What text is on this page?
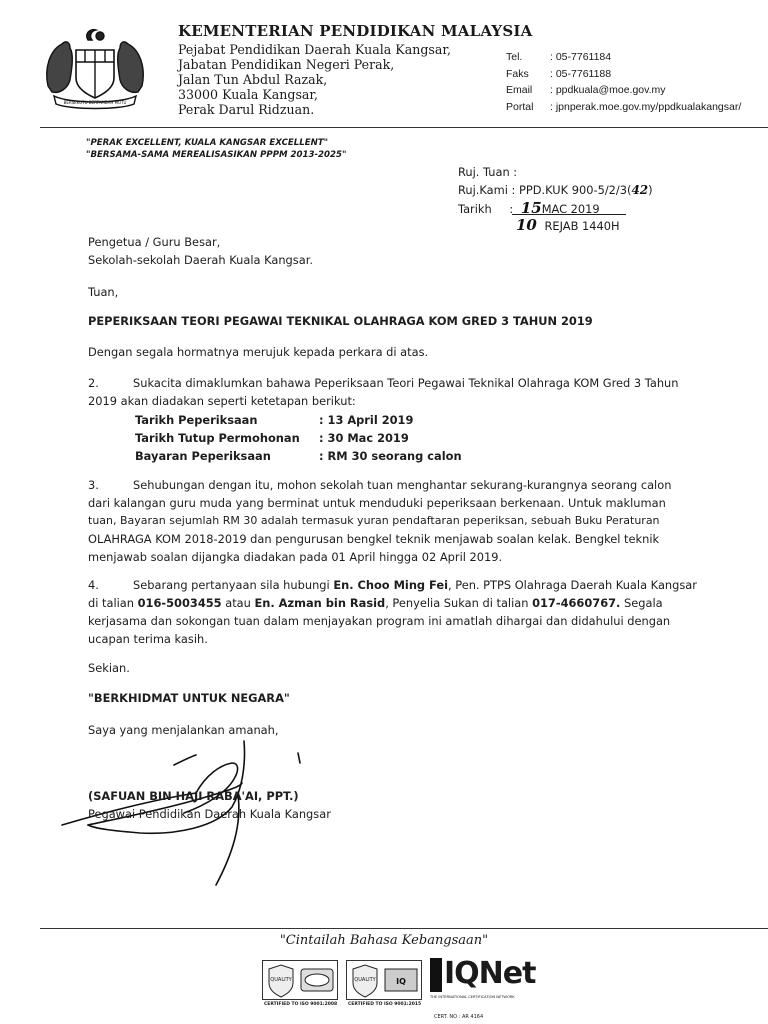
BERSEKUTU BERTAMBAH MUTU
KEMENTERIAN PENDIDIKAN MALAYSIA
Pejabat Pendidikan Daerah Kuala Kangsar,
Jabatan Pendidikan Negeri Perak,
Jalan Tun Abdul Razak,
33000 Kuala Kangsar,
Perak Darul Ridzuan.
Tel.	: 05-7761184
Faks : 05-7761188
Email : ppdkuala@moe.gov.my
Portal : jpnperak.moe.gov.my/ppdkualakangsar/
"PERAK EXCELLENT, KUALA KANGSAR EXCELLENT"
"BERSAMA-SAMA MEREALISASIKAN PPPM 2013-2025"
Ruj. Tuan :
Ruj.Kami : PPD.KUK 900-5/2/3(42)
Tarikh : 15MAC 2019
10 REJAB 1440H
Pengetua / Guru Besar,
Sekolah-sekolah Daerah Kuala Kangsar.
Tuan,
PEPERIKSAAN TEORI PEGAWAI TEKNIKAL OLAHRAGA KOM GRED 3 TAHUN 2019
Dengan segala hormatnya merujuk kepada perkara di atas.
2.	Sukacita dimaklumkan bahawa Peperiksaan Teori Pegawai Teknikal Olahraga KOM Gred 3 Tahun
2019 akan diadakan seperti ketetapan berikut:
Tarikh Peperiksaan	: 13 April 2019
Tarikh Tutup Permohonan : 30 Mac 2019
Bayaran Peperiksaan	: RM 30 seorang calon
3.	Sehubungan dengan itu, mohon sekolah tuan menghantar sekurang-kurangnya seorang calon
dari kalangan guru muda yang berminat untuk menduduki peperiksaan berkenaan. Untuk makluman
tuan, Bayaran sejumlah RM 30 adalah termasuk yuran pendaftaran peperiksan, sebuah Buku Peraturan
OLAHRAGA KOM 2018-2019 dan pengurusan bengkel teknik menjawab soalan kelak. Bengkel teknik
menjawab soalan dijangka diadakan pada 01 April hingga 02 April 2019.
4.	Sebarang pertanyaan sila hubungi En. Choo Ming Fei, Pen. PTPS Olahraga Daerah Kuala Kangsar
di talian 016-5003455 atau En. Azman bin Rasid, Penyelia Sukan di talian 017-4660767. Segala
kerjasama dan sokongan tuan dalam menjayakan program ini amatlah dihargai dan didahului dengan
ucapan terima kasih.
Sekian.
"BERKHIDMAT UNTUK NEGARA"
Saya yang menjalankan amanah,
(SAFUAN BIN HAJI RABA'AI, PPT.)
Pegawai Pendidikan Daerah Kuala Kangsar
"Cintailah Bahasa Kebangsaan"
QUALITY
CERTIFIED TO ISO 9001:2008
QUALITY	IQ
CERTIFIED TO ISO 9001:2015
IQNet
THE INTERNATIONAL CERTIFICATION NETWORK
CERT. NO : AR 4164
